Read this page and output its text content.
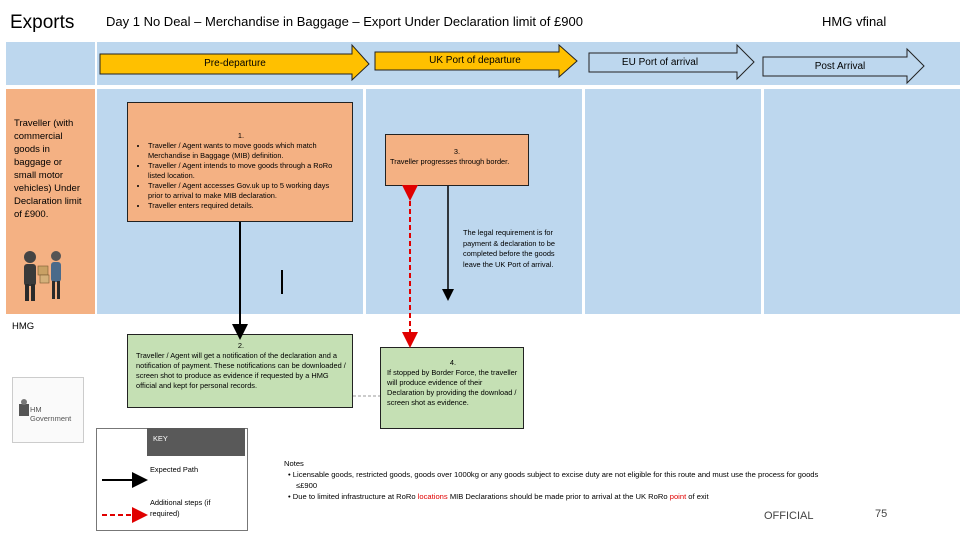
Exports Day 1 No Deal – Merchandise in Baggage – Export Under Declaration limit of £900	HMG vfinal
Pre-departure	UK Port of departure	EU Port of arrival	Post Arrival
Traveller (with commercial goods in baggage or small motor vehicles) Under Declaration limit of £900.
1.
• Traveller / Agent wants to move goods which match Merchandise in Baggage (MIB) definition.
• Traveller / Agent intends to move goods through a RoRo listed location.
• Traveller / Agent accesses Gov.uk up to 5 working days prior to arrival to make MIB declaration.
• Traveller enters required details.
3.
Traveller progresses through border.
The legal requirement is for payment & declaration to be completed before the goods leave the UK Port of arrival.
HMG
HM Government
2.
Traveller / Agent will get a notification of the declaration and a notification of payment. These notifications can be downloaded / screen shot to produce as evidence if requested by a HMG official and kept for personal records.
4.
If stopped by Border Force, the traveller will produce evidence of their Declaration by providing the download / screen shot as evidence.
KEY
Expected Path
Additional steps (if required)
Notes
• Licensable goods, restricted goods, goods over 1000kg or any goods subject to excise duty are not eligible for this route and must use the process for goods ≤£900
• Due to limited infrastructure at RoRo locations MIB Declarations should be made prior to arrival at the UK RoRo point of exit
OFFICIAL	75
